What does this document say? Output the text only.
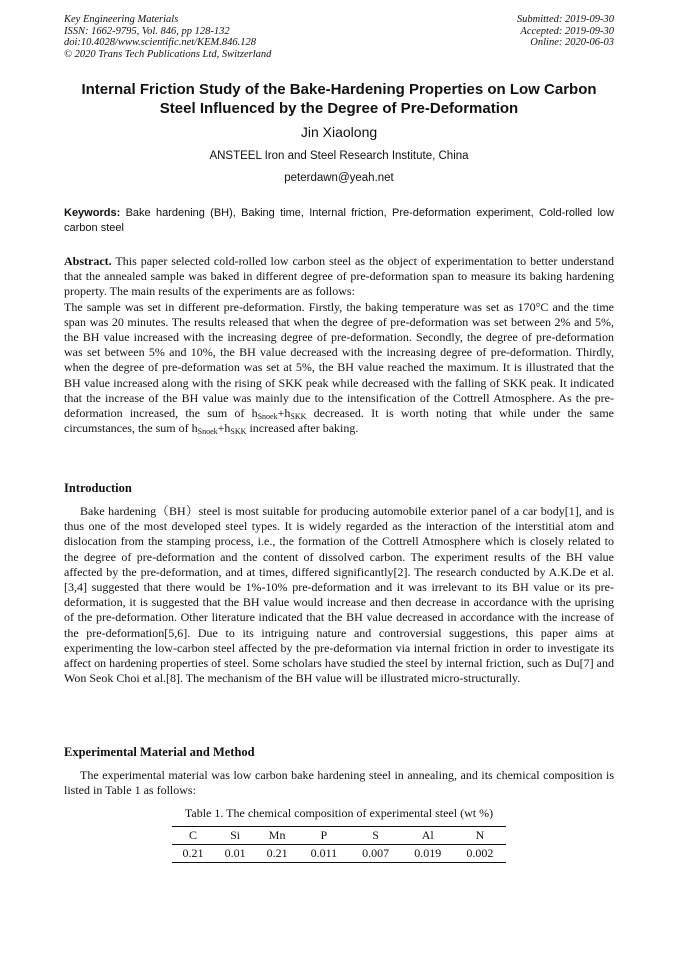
Key Engineering Materials
ISSN: 1662-9795, Vol. 846, pp 128-132
doi:10.4028/www.scientific.net/KEM.846.128
© 2020 Trans Tech Publications Ltd, Switzerland
Submitted: 2019-09-30
Accepted: 2019-09-30
Online: 2020-06-03
Internal Friction Study of the Bake-Hardening Properties on Low Carbon
Steel Influenced by the Degree of Pre-Deformation
Jin Xiaolong
ANSTEEL Iron and Steel Research Institute, China
peterdawn@yeah.net
Keywords: Bake hardening (BH), Baking time, Internal friction, Pre-deformation experiment, Cold-rolled low carbon steel

Abstract. This paper selected cold-rolled low carbon steel as the object of experimentation to better understand that the annealed sample was baked in different degree of pre-deformation span to measure its baking hardening property. The main results of the experiments are as follows:

The sample was set in different pre-deformation. Firstly, the baking temperature was set as 170°C and the time span was 20 minutes. The results released that when the degree of pre-deformation was set between 2% and 5%, the BH value increased with the increasing degree of pre-deformation. Secondly, the degree of pre-deformation was set between 5% and 10%, the BH value decreased with the increasing degree of pre-deformation. Thirdly, when the degree of pre-deformation was set at 5%, the BH value reached the maximum. It is illustrated that the BH value increased along with the rising of SKK peak while decreased with the falling of SKK peak. It indicated that the increase of the BH value was mainly due to the intensification of the Cottrell Atmosphere. As the pre-deformation increased, the sum of $h_{Snoek}+h_{SKK}$ decreased. It is worth noting that while under the same circumstances, the sum of $h_{Snoek}+h_{SKK}$ increased after baking.

Introduction

Bake hardening（BH）steel is most suitable for producing automobile exterior panel of a car body[1], and is thus one of the most developed steel types. It is widely regarded as the interaction of the interstitial atom and dislocation from the stamping process, i.e., the formation of the Cottrell Atmosphere which is closely related to the degree of pre-deformation and the content of dissolved carbon. The experiment results of the BH value affected by the pre-deformation, and at times, differed significantly[2]. The research conducted by A.K.De et al.[3,4] suggested that there would be 1%-10% pre-deformation and it was irrelevant to its BH value or its pre-deformation, it is suggested that the BH value would increase and then decrease in accordance with the uprising of the pre-deformation. Other literature indicated that the BH value decreased in accordance with the increase of the pre-deformation[5,6]. Due to its intriguing nature and controversial suggestions, this paper aims at experimenting the low-carbon steel affected by the pre-deformation via internal friction in order to investigate its affect on hardening properties of steel. Some scholars have studied the steel by internal friction, such as Du[7] and Won Seok Choi et al.[8]. The mechanism of the BH value will be illustrated micro-structurally.

Experimental Material and Method

The experimental material was low carbon bake hardening steel in annealing, and its chemical composition is listed in Table 1 as follows:

Table 1. The chemical composition of experimental steel (wt %)
C	Si	Mn	P	S	Al	N
0.21	0.01	0.21	0.011	0.007	0.019	0.002
